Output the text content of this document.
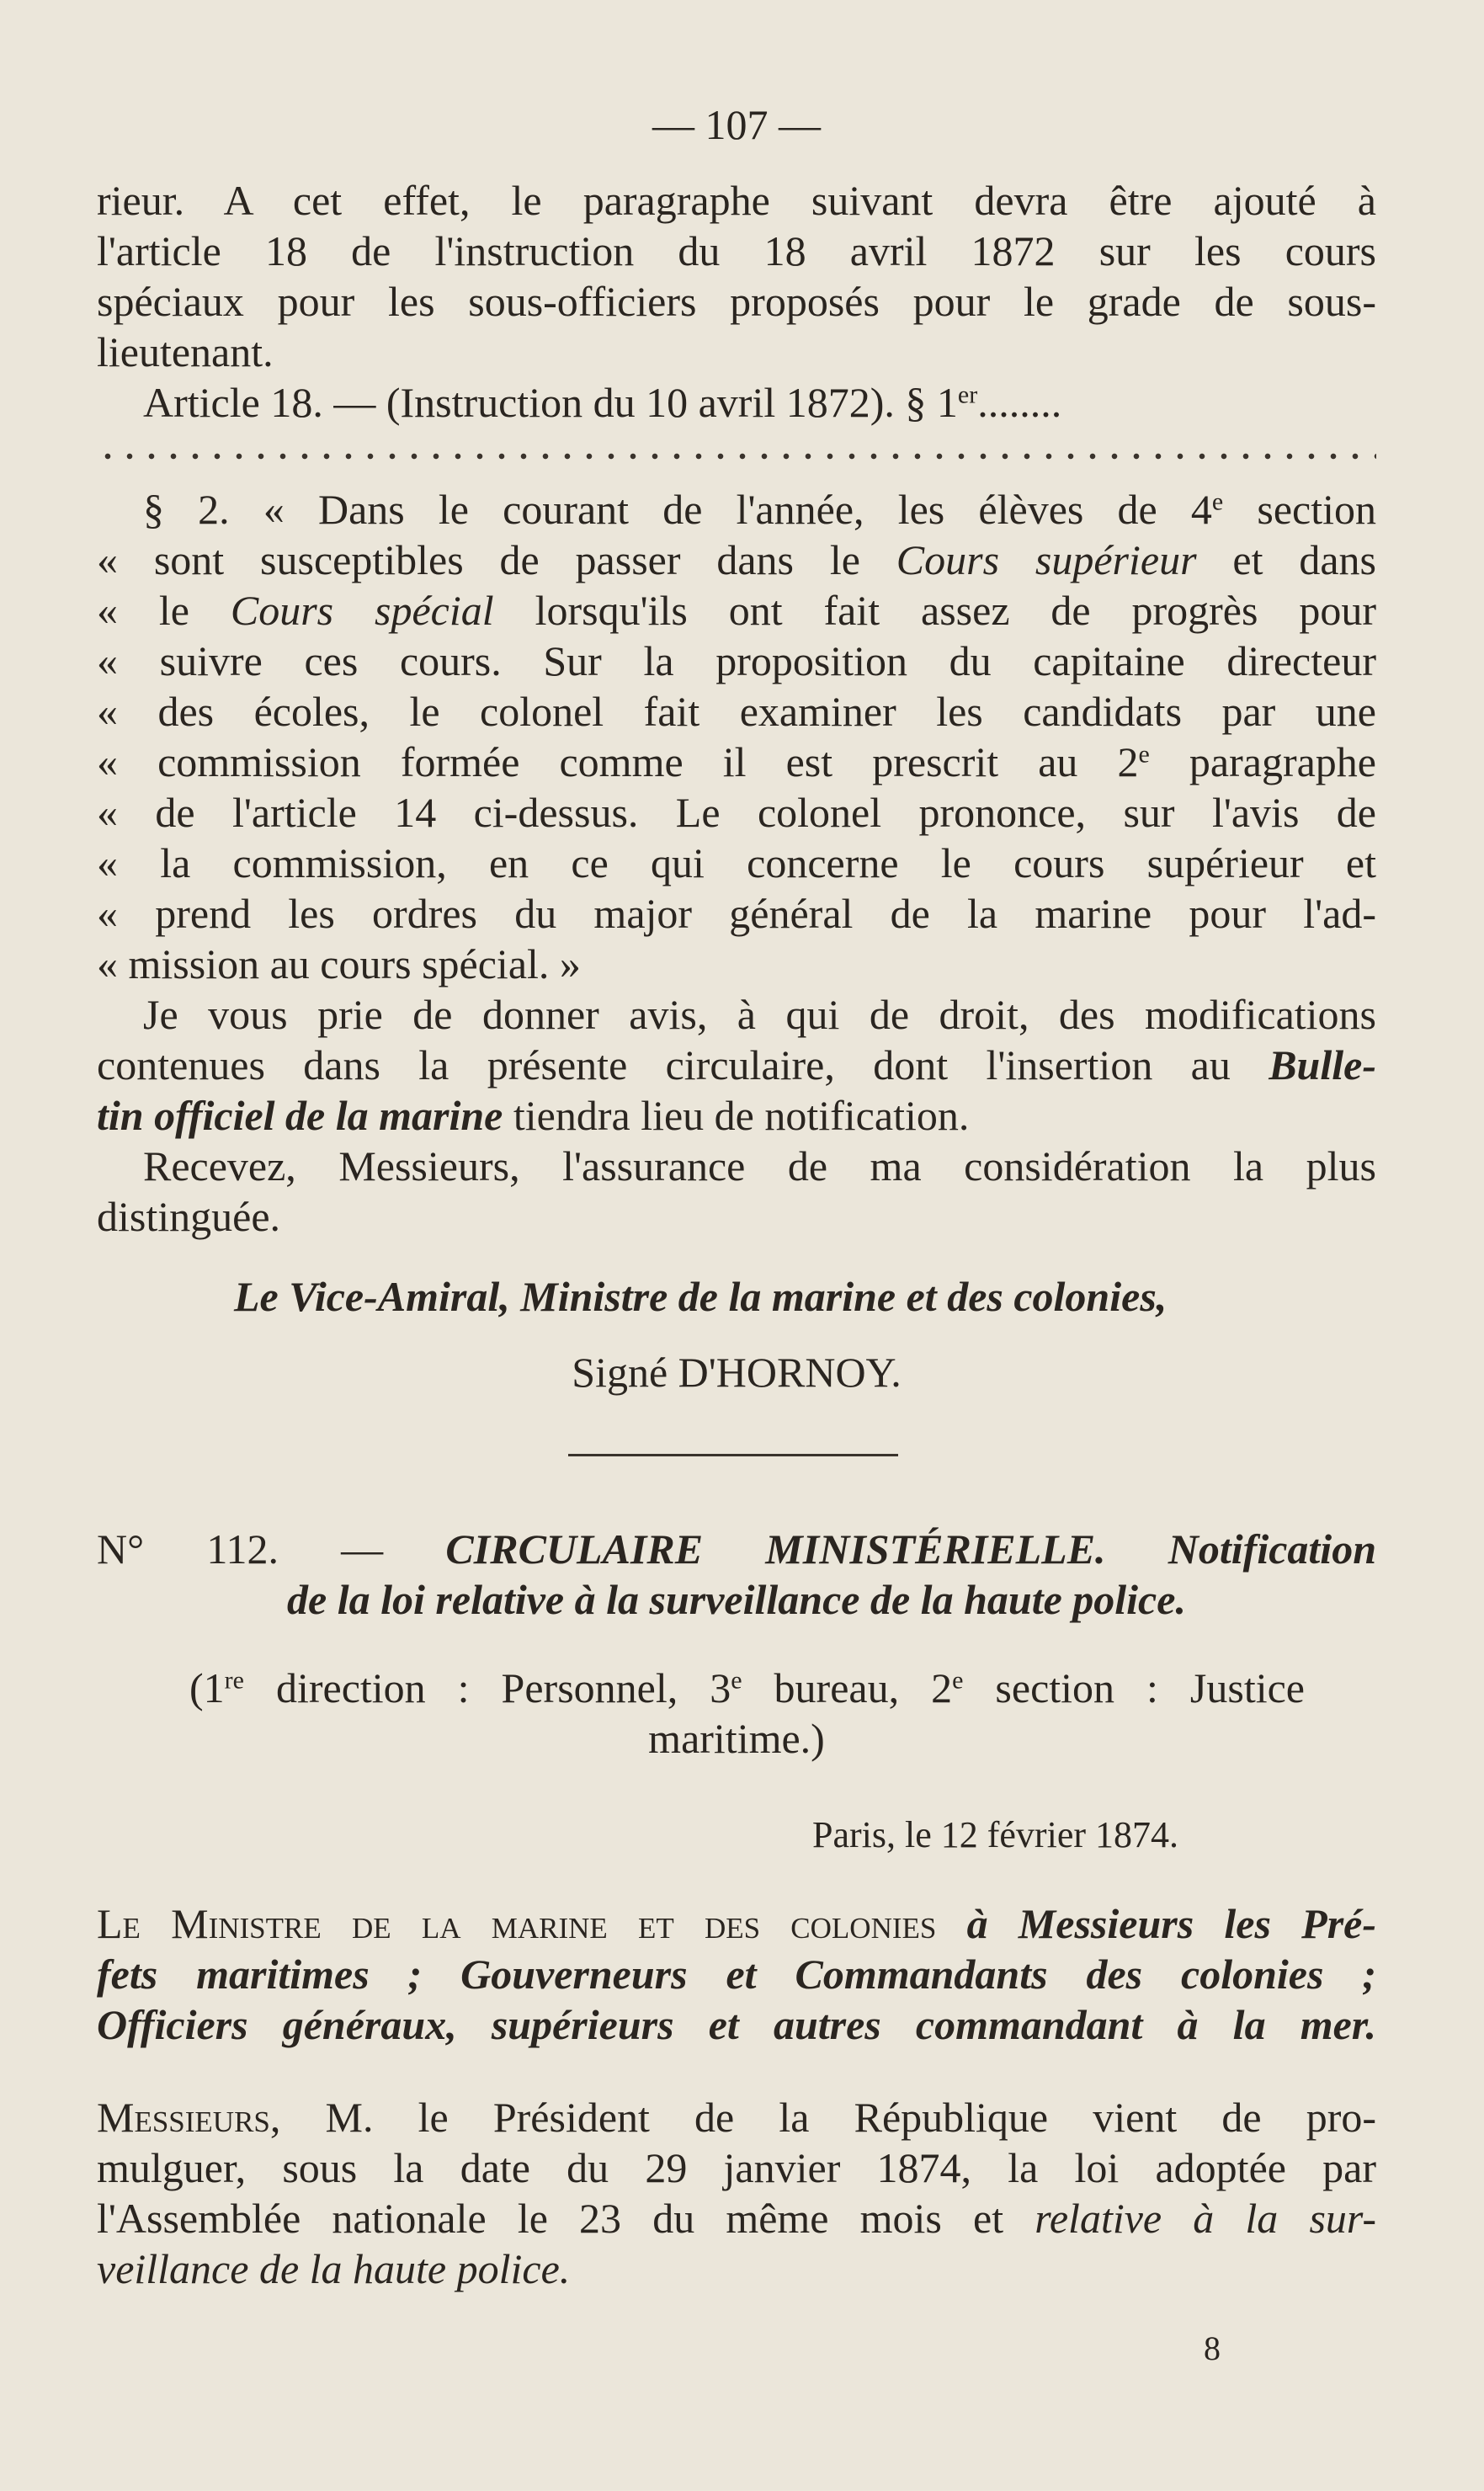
— 107 —
rieur. A cet effet, le paragraphe suivant devra être ajouté à
l'article 18 de l'instruction du 18 avril 1872 sur les cours
spéciaux pour les sous-officiers proposés pour le grade de sous-
lieutenant.
Article 18. — (Instruction du 10 avril 1872). § 1er........
§ 2. « Dans le courant de l'année, les élèves de 4e section
« sont susceptibles de passer dans le Cours supérieur et dans
« le Cours spécial lorsqu'ils ont fait assez de progrès pour
« suivre ces cours. Sur la proposition du capitaine directeur
« des écoles, le colonel fait examiner les candidats par une
« commission formée comme il est prescrit au 2e paragraphe
« de l'article 14 ci-dessus. Le colonel prononce, sur l'avis de
« la commission, en ce qui concerne le cours supérieur et
« prend les ordres du major général de la marine pour l'ad-
« mission au cours spécial. »
Je vous prie de donner avis, à qui de droit, des modifications
contenues dans la présente circulaire, dont l'insertion au Bulle-
tin officiel de la marine tiendra lieu de notification.
Recevez, Messieurs, l'assurance de ma considération la plus
distinguée.
Le Vice-Amiral, Ministre de la marine et des colonies,
Signé D'HORNOY.
N° 112. — CIRCULAIRE MINISTÉRIELLE. Notification
de la loi relative à la surveillance de la haute police.
(1re direction : Personnel, 3e bureau, 2e section : Justice
maritime.)
Paris, le 12 février 1874.
Le Ministre de la marine et des colonies à Messieurs les Pré-
fets maritimes ; Gouverneurs et Commandants des colonies ;
Officiers généraux, supérieurs et autres commandant à la mer.
Messieurs, M. le Président de la République vient de pro-
mulguer, sous la date du 29 janvier 1874, la loi adoptée par
l'Assemblée nationale le 23 du même mois et relative à la sur-
veillance de la haute police.
8
